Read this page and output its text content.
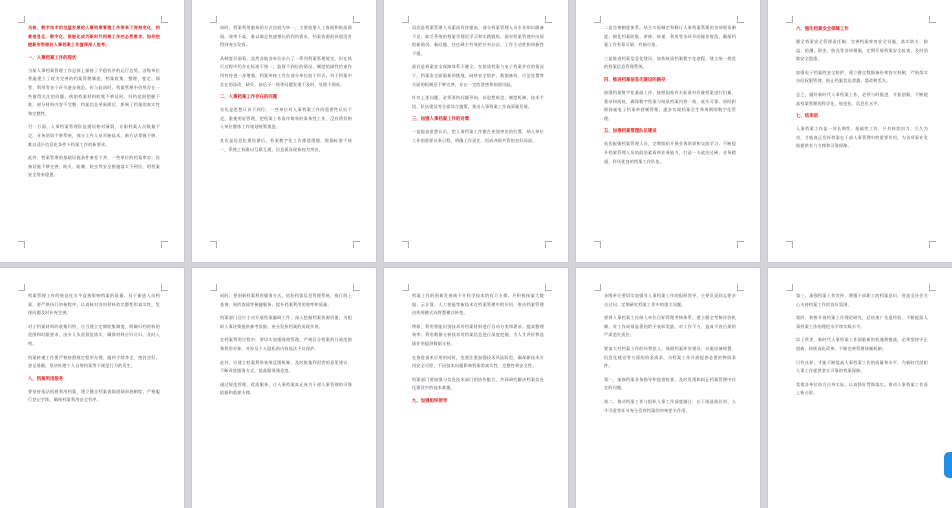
当前，数字技术的迅猛发展给人事档案管理工作带来了深刻变化，档案信息化、数字化、智能化成为新时代档案工作的必然要求，如何把握新形势做好人事档案工作值得深入思考。

一、人事档案工作的现状

当前人事档案管理工作总体上保持了平稳有序的运行态势，各级单位普遍建立了较为完善的档案管理制度，档案收集、整理、鉴定、保管、利用等各个环节逐步规范。但与此同时，档案管理中仍然存在一些值得关注的问题，例如档案材料收集不够及时，归档范围把握不准，部分材料内容不完整，档案信息更新滞后，影响了档案的真实性和完整性。

另一方面，人事档案管理队伍建设相对薄弱，专职档案人员数量不足，业务培训不够系统，部分工作人员对新技术、新方法掌握不够，难以适应信息化条件下档案工作的新要求。

此外，档案管理的基础设施条件参差不齐，一些单位的档案库房、设备设施不够完善，防火、防潮、防虫等安全措施落实不到位，给档案安全带来隐患。

同时，档案利用服务的方式也较为单一，主要依靠人工查阅和纸质借阅，效率不高，难以满足快速增长的利用需求，档案资源的价值没有得到充分发挥。

从制度层面看，虽然各地各单位出台了一系列档案管理规定，但在执行过程中仍存在标准不统一、监督不到位的情况，制度的刚性约束作用有待进一步增强。档案审核工作在部分单位流于形式，对于档案中存在的涂改、缺失、前后不一致等问题发现不及时、处理不彻底。

二、人事档案工作存在的问题

首先是思想认识不到位。一些单位对人事档案工作的重要性认识不足，重使用轻管理，把档案工作看作简单的事务性工作，没有将其纳入单位整体工作规划统筹推进。

其次是信息化建设滞后。档案数字化工作推进缓慢，数据标准不统一，系统之间难以互联互通，信息孤岛现象较为突出。

再次是档案管理人员素质有待提高。部分档案管理人员专业知识储备不足，缺乏系统的档案学理论学习和实践锻炼，面对档案管理中出现的新情况、新问题，往往缺少有效的应对办法，工作主动性和创新性不强。

最后是档案安全保障体系不健全。在纸质档案与电子档案并存的情况下，档案安全面临新的挑战，网络安全防护、数据备份、应急处置等方面的机制还不够完善，存在一定的泄密和损毁风险。

针对上述问题，必须坚持问题导向，从思想观念、制度机制、技术手段、队伍建设等方面综合施策，推动人事档案工作高质量发展。

三、加强人事档案工作的对策

一是提高思想认识，把人事档案工作摆在更加突出的位置，纳入单位工作的重要议事日程，明确工作责任，形成齐抓共管的良好局面。

二是完善制度体系，结合实际制定和修订人事档案管理的各项规章制度，细化档案收集、审核、转递、利用等各环节的操作规范，确保档案工作有章可循、有据可依。

三是推进档案信息化建设，加快纸质档案数字化进程，建立统一规范的档案信息管理系统。

四、推进档案信息化建设的路径

加强档案数字化基础工作，按照国家有关标准对存量档案进行扫描、著录和质检，确保数字档案与纸质档案内容一致、真实可靠。同时积极探索电子档案单套制管理，逐步实现档案全生命周期的数字化管理。

五、加强档案管理队伍建设

选优配强档案管理人员，定期组织开展业务培训和交流学习，不断提升档案管理人员的政治素质和业务能力，打造一支政治过硬、业务精通、作风优良的档案工作队伍。

六、强化档案安全保障工作

健全档案安全管理责任制，完善档案库房安全设施，落实防火、防盗、防潮、防虫、防光等各项措施，定期开展档案安全检查，及时消除安全隐患。

加强电子档案的安全防护，建立健全数据备份和容灾机制，严格落实访问权限管理，防止档案信息泄露、篡改和丢失。

总之，做好新时代人事档案工作，必须与时俱进、开拓创新，不断提高档案管理的科学化、规范化、信息化水平。

七、结束语

人事档案工作是一项长期性、基础性工作，只有持续用力、久久为功，才能真正发挥档案在干部人事管理中的重要作用，为各项事业发展提供有力支撑和可靠保障。

档案管理工作的规范化水平直接影响档案的质量。对于新进人员档案，要严格执行审核程序，认真核对各项材料的完整性和真实性，发现问题及时补充完善。

对于档案材料的收集归档，应当建立定期收集制度，明确归档材料的范围和时限要求，由专人负责督促落实，确保材料应归尽归、及时入档。

档案转递工作要严格按照规定程序办理，做到手续齐全、密封完好、登记准确，坚决杜绝个人自带档案等不规范行为的发生。

八、档案利用服务

要坚持依法依规利用档案，建立健全档案查阅借阅审批制度，严格履行登记手续，确保档案利用安全有序。

同时，要创新档案利用服务方式，依托档案信息管理系统，推行线上查询、预约查阅等便捷服务，提升档案利用的效率和质量。

档案部门还应主动开展档案编研工作，深入挖掘档案资源价值，为组织人事决策提供参考依据，充分发挥档案的资政作用。

在档案利用过程中，要切实加强保密管理，严格区分档案的开放范围和利用对象，对涉及个人隐私的内容依法予以保护。

此外，应建立档案利用效果反馈机制，及时收集利用者的意见建议，不断改进服务方式，提高服务满意度。

通过规范管理、优质服务，让人事档案真正成为干部人事管理的可靠依据和重要支撑。

档案工作的创新发展离不开科学技术的有力支撑。应积极探索大数据、云计算、人工智能等新技术在档案管理中的应用，推动档案管理由传统模式向智慧模式转变。

例如，利用智能识别技术对档案材料进行自动分类和著录，提高整理效率；利用数据分析技术对档案信息进行深度挖掘，为人才评价和选拔任用提供数据支持。

在推进技术应用的同时，也要注重加强技术风险防范，确保新技术应用安全可控，不因技术问题影响档案的真实性、完整性和安全性。

档案部门要加强与信息技术部门的协作配合，共同研究解决档案信息化建设中的技术难题。

九、加强组织领导

各级单位要切实加强对人事档案工作的组织领导，主要负责同志要亲自过问、定期研究档案工作中的重大问题。

要将人事档案工作纳入单位目标管理考核体系，建立健全考核评价机制，对工作成效显著的给予表彰奖励，对工作不力、造成不良后果的严肃追究责任。

要加大对档案工作的经费投入，保障档案库房建设、设施设备购置、信息化建设等方面的资金需求，为档案工作开展提供必要的物质条件。

第一，加强档案业务指导和监督检查，及时发现和纠正档案管理中存在的问题。

第二，推动档案工作与组织人事工作深度融合，在干部选拔任用、人才引进等环节充分发挥档案的审核把关作用。

第三，加强档案工作宣传，增强干部职工的档案意识，营造全社会关心支持档案工作的良好氛围。

第四，积极开展档案工作理论研究，总结推广先进经验，不断提高人事档案工作的理论水平和实践水平。

综上所述，新时代人事档案工作面临新的机遇和挑战，必须坚持守正创新，持续深化改革，不断完善管理体制机制。

只有这样，才能不断提高人事档案工作的质量和水平，为新时代组织人事工作提供坚实可靠的档案保障。

希望各单位结合自身实际，认真抓好贯彻落实，推动人事档案工作再上新台阶。
